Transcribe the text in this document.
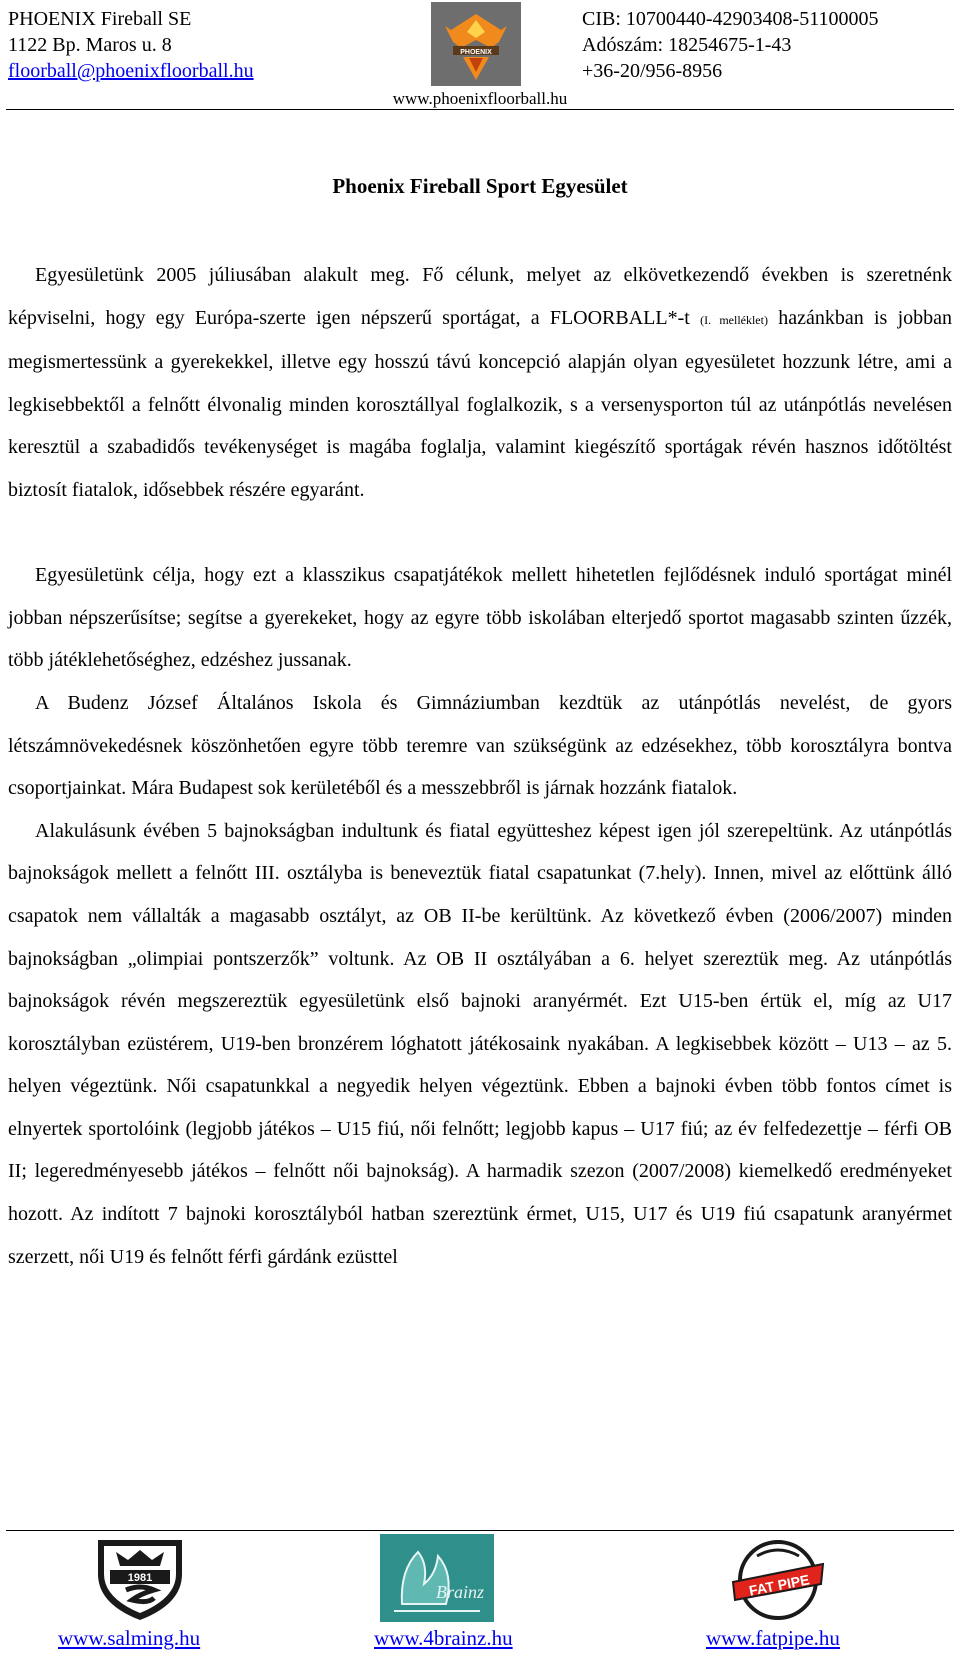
PHOENIX Fireball SE
1122 Bp. Maros u. 8
floorball@phoenixfloorball.hu
PHOENIX
CIB: 10700440-42903408-51100005
Adószám: 18254675-1-43
+36-20/956-8956
www.phoenixfloorball.hu
Phoenix Fireball Sport Egyesület

Egyesületünk 2005 júliusában alakult meg. Fő célunk, melyet az elkövetkezendő években is szeretnénk képviselni, hogy egy Európa-szerte igen népszerű sportágat, a FLOORBALL*-t (I. melléklet) hazánkban is jobban megismertessünk a gyerekekkel, illetve egy hosszú távú koncepció alapján olyan egyesületet hozzunk létre, ami a legkisebbektől a felnőtt élvonalig minden korosztállyal foglalkozik, s a versenysporton túl az utánpótlás nevelésen keresztül a szabadidős tevékenységet is magába foglalja, valamint kiegészítő sportágak révén hasznos időtöltést biztosít fiatalok, idősebbek részére egyaránt.

Egyesületünk célja, hogy ezt a klasszikus csapatjátékok mellett hihetetlen fejlődésnek induló sportágat minél jobban népszerűsítse; segítse a gyerekeket, hogy az egyre több iskolában elterjedő sportot magasabb szinten űzzék, több játéklehetőséghez, edzéshez jussanak.

A Budenz József Általános Iskola és Gimnáziumban kezdtük az utánpótlás nevelést, de gyors létszámnövekedésnek köszönhetően egyre több teremre van szükségünk az edzésekhez, több korosztályra bontva csoportjainkat. Mára Budapest sok kerületéből és a messzebbről is járnak hozzánk fiatalok.

Alakulásunk évében 5 bajnokságban indultunk és fiatal együtteshez képest igen jól szerepeltünk. Az utánpótlás bajnokságok mellett a felnőtt III. osztályba is beneveztük fiatal csapatunkat (7.hely). Innen, mivel az előttünk álló csapatok nem vállalták a magasabb osztályt, az OB II-be kerültünk. Az következő évben (2006/2007) minden bajnokságban „olimpiai pontszerzők” voltunk. Az OB II osztályában a 6. helyet szereztük meg. Az utánpótlás bajnokságok révén megszereztük egyesületünk első bajnoki aranyérmét. Ezt U15-ben értük el, míg az U17 korosztályban ezüstérem, U19-ben bronzérem lóghatott játékosaink nyakában. A legkisebbek között – U13 – az 5. helyen végeztünk. Női csapatunkkal a negyedik helyen végeztünk. Ebben a bajnoki évben több fontos címet is elnyertek sportolóink (legjobb játékos – U15 fiú, női felnőtt; legjobb kapus – U17 fiú; az év felfedezettje – férfi OB II; legeredményesebb játékos – felnőtt női bajnokság). A harmadik szezon (2007/2008) kiemelkedő eredményeket hozott. Az indított 7 bajnoki korosztályból hatban szereztünk érmet, U15, U17 és U19 fiú csapatunk aranyérmet szerzett, női U19 és felnőtt férfi gárdánk ezüsttel

1981
www.salming.hu
Brainz
www.4brainz.hu
FAT PIPE
www.fatpipe.hu
